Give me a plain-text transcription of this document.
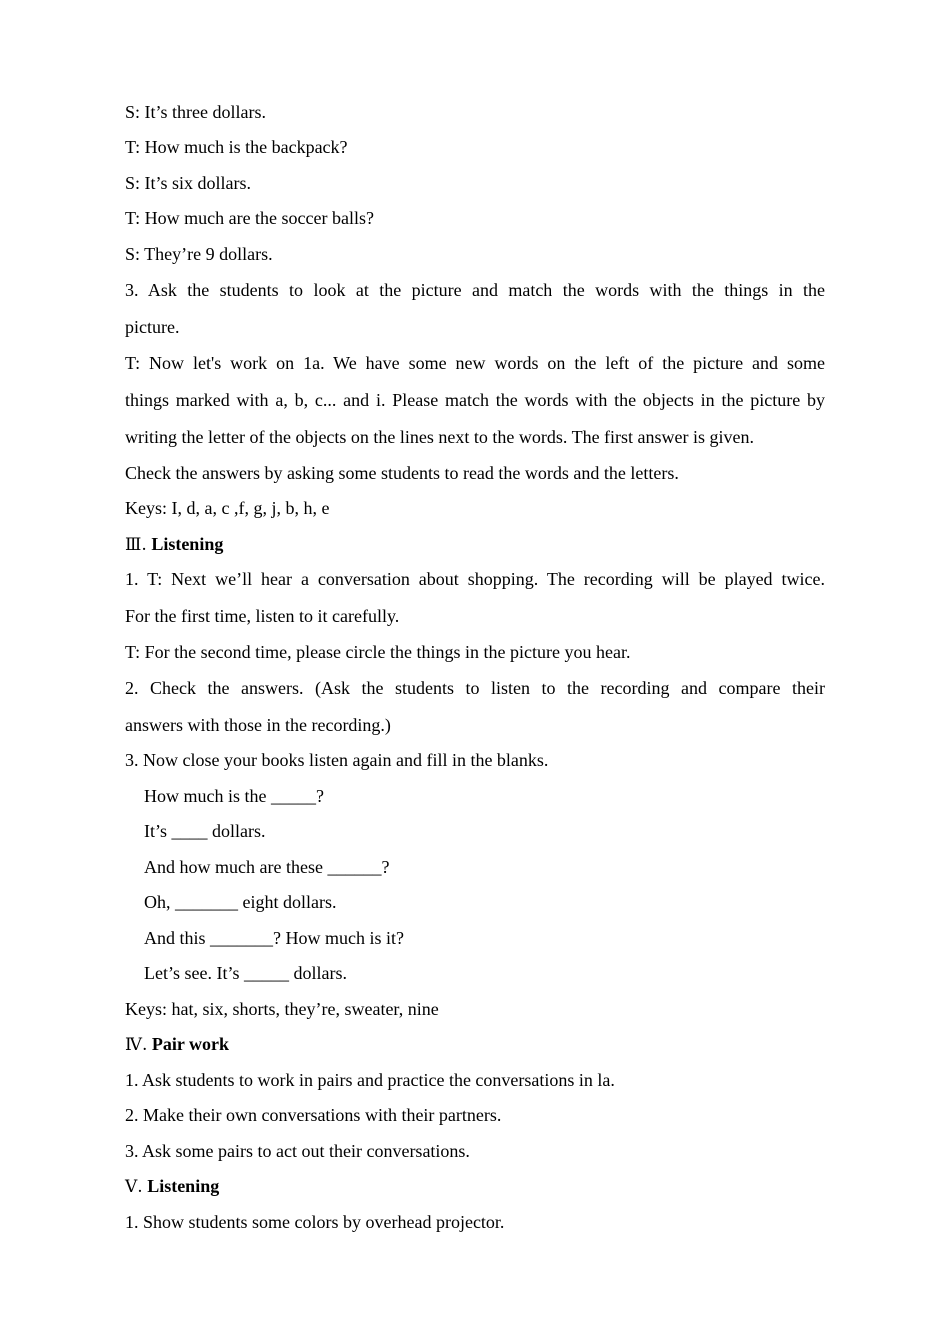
S: It’s three dollars.
T: How much is the backpack?
S: It’s six dollars.
T: How much are the soccer balls?
S: They’re 9 dollars.
3. Ask the students to look at the picture and match the words with the things in the
picture.
T: Now let's work on 1a. We have some new words on the left of the picture and some
things marked with a, b, c... and i. Please match the words with the objects in the picture by
writing the letter of the objects on the lines next to the words. The first answer is given.
Check the answers by asking some students to read the words and the letters.
Keys: I, d, a, c ,f, g, j, b, h, e
Ⅲ. Listening
1. T: Next we’ll hear a conversation about shopping. The recording will be played twice.
For the first time, listen to it carefully.
T: For the second time, please circle the things in the picture you hear.
2. Check the answers. (Ask the students to listen to the recording and compare their
answers with those in the recording.)
3. Now close your books listen again and fill in the blanks.
How much is the _____?
It’s ____ dollars.
And how much are these ______?
Oh, _______ eight dollars.
And this _______? How much is it?
Let’s see. It’s _____ dollars.
Keys: hat, six, shorts, they’re, sweater, nine
Ⅳ. Pair work
1. Ask students to work in pairs and practice the conversations in la.
2. Make their own conversations with their partners.
3. Ask some pairs to act out their conversations.
Ⅴ. Listening
1. Show students some colors by overhead projector.
